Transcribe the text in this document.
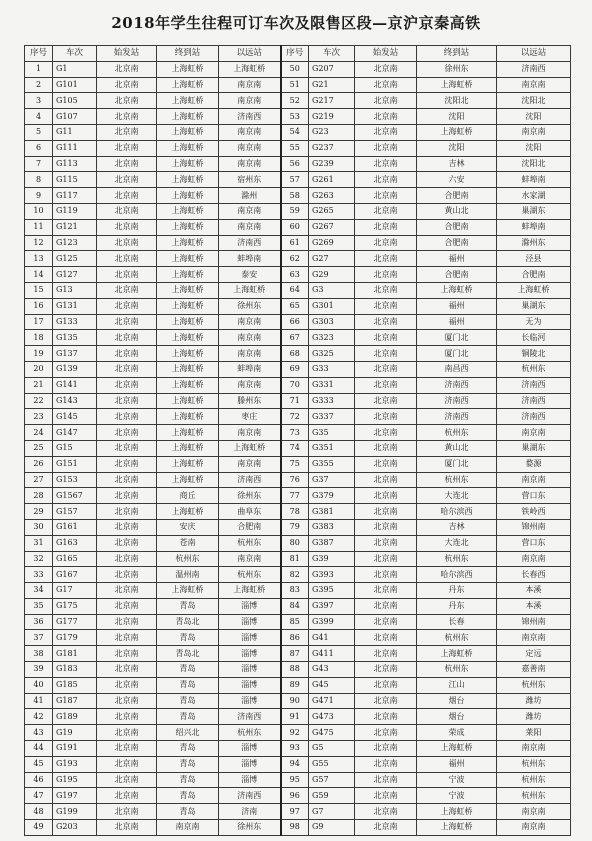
2018年学生往程可订车次及限售区段—京沪京秦高铁
序号	车次	始发站	终到站	以远站	序号	车次	始发站	终到站	以远站
1	G1	北京南	上海虹桥	上海虹桥	50	G207	北京南	徐州东	济南西
2	G101	北京南	上海虹桥	南京南	51	G21	北京南	上海虹桥	南京南
3	G105	北京南	上海虹桥	南京南	52	G217	北京南	沈阳北	沈阳北
4	G107	北京南	上海虹桥	济南西	53	G219	北京南	沈阳	沈阳
5	G11	北京南	上海虹桥	南京南	54	G23	北京南	上海虹桥	南京南
6	G111	北京南	上海虹桥	南京南	55	G237	北京南	沈阳	沈阳
7	G113	北京南	上海虹桥	南京南	56	G239	北京南	吉林	沈阳北
8	G115	北京南	上海虹桥	宿州东	57	G261	北京南	六安	蚌埠南
9	G117	北京南	上海虹桥	滁州	58	G263	北京南	合肥南	水家湖
10	G119	北京南	上海虹桥	南京南	59	G265	北京南	黄山北	巢湖东
11	G121	北京南	上海虹桥	南京南	60	G267	北京南	合肥南	蚌埠南
12	G123	北京南	上海虹桥	济南西	61	G269	北京南	合肥南	滁州东
13	G125	北京南	上海虹桥	蚌埠南	62	G27	北京南	福州	泾县
14	G127	北京南	上海虹桥	泰安	63	G29	北京南	合肥南	合肥南
15	G13	北京南	上海虹桥	上海虹桥	64	G3	北京南	上海虹桥	上海虹桥
16	G131	北京南	上海虹桥	徐州东	65	G301	北京南	福州	巢湖东
17	G133	北京南	上海虹桥	南京南	66	G303	北京南	福州	无为
18	G135	北京南	上海虹桥	南京南	67	G323	北京南	厦门北	长临河
19	G137	北京南	上海虹桥	南京南	68	G325	北京南	厦门北	铜陵北
20	G139	北京南	上海虹桥	蚌埠南	69	G33	北京南	南昌西	杭州东
21	G141	北京南	上海虹桥	南京南	70	G331	北京南	济南西	济南西
22	G143	北京南	上海虹桥	滕州东	71	G333	北京南	济南西	济南西
23	G145	北京南	上海虹桥	枣庄	72	G337	北京南	济南西	济南西
24	G147	北京南	上海虹桥	南京南	73	G35	北京南	杭州东	南京南
25	G15	北京南	上海虹桥	上海虹桥	74	G351	北京南	黄山北	巢湖东
26	G151	北京南	上海虹桥	南京南	75	G355	北京南	厦门北	婺源
27	G153	北京南	上海虹桥	济南西	76	G37	北京南	杭州东	南京南
28	G1567	北京南	商丘	徐州东	77	G379	北京南	大连北	营口东
29	G157	北京南	上海虹桥	曲阜东	78	G381	北京南	哈尔滨西	铁岭西
30	G161	北京南	安庆	合肥南	79	G383	北京南	吉林	锦州南
31	G163	北京南	苍南	杭州东	80	G387	北京南	大连北	营口东
32	G165	北京南	杭州东	南京南	81	G39	北京南	杭州东	南京南
33	G167	北京南	温州南	杭州东	82	G393	北京南	哈尔滨西	长春西
34	G17	北京南	上海虹桥	上海虹桥	83	G395	北京南	丹东	本溪
35	G175	北京南	青岛	淄博	84	G397	北京南	丹东	本溪
36	G177	北京南	青岛北	淄博	85	G399	北京南	长春	锦州南
37	G179	北京南	青岛	淄博	86	G41	北京南	杭州东	南京南
38	G181	北京南	青岛北	淄博	87	G411	北京南	上海虹桥	定远
39	G183	北京南	青岛	淄博	88	G43	北京南	杭州东	嘉善南
40	G185	北京南	青岛	淄博	89	G45	北京南	江山	杭州东
41	G187	北京南	青岛	淄博	90	G471	北京南	烟台	潍坊
42	G189	北京南	青岛	济南西	91	G473	北京南	烟台	潍坊
43	G19	北京南	绍兴北	杭州东	92	G475	北京南	荣成	莱阳
44	G191	北京南	青岛	淄博	93	G5	北京南	上海虹桥	南京南
45	G193	北京南	青岛	淄博	94	G55	北京南	福州	杭州东
46	G195	北京南	青岛	淄博	95	G57	北京南	宁波	杭州东
47	G197	北京南	青岛	济南西	96	G59	北京南	宁波	杭州东
48	G199	北京南	青岛	济南	97	G7	北京南	上海虹桥	南京南
49	G203	北京南	南京南	徐州东	98	G9	北京南	上海虹桥	南京南
